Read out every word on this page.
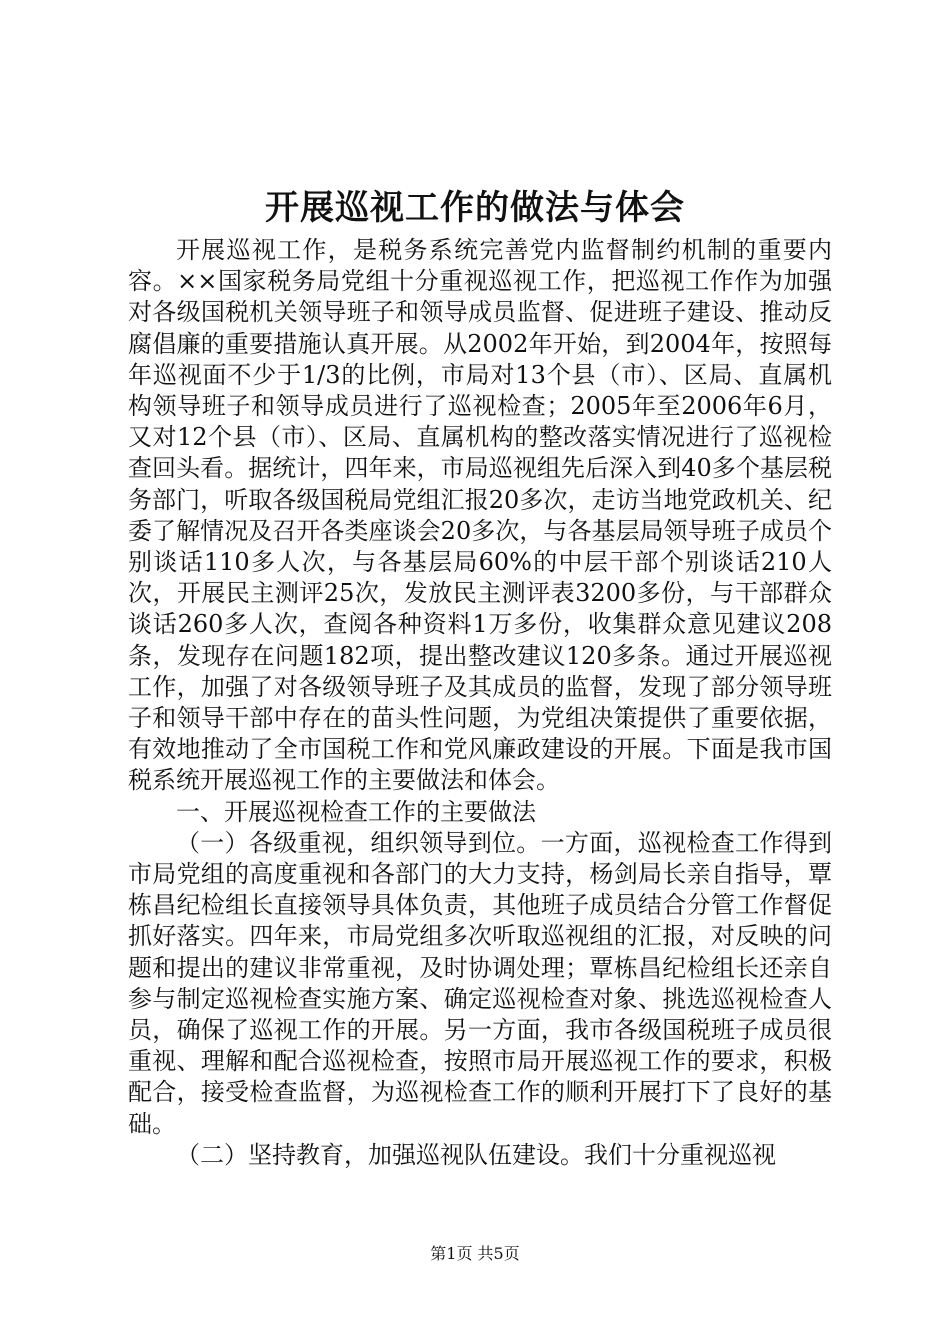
开展巡视工作的做法与体会

开展巡视工作，是税务系统完善党内监督制约机制的重要内容。××国家税务局党组十分重视巡视工作，把巡视工作作为加强对各级国税机关领导班子和领导成员监督、促进班子建设、推动反腐倡廉的重要措施认真开展。从2002年开始，到2004年，按照每年巡视面不少于1/3的比例，市局对13个县（市）、区局、直属机构领导班子和领导成员进行了巡视检查；2005年至2006年6月，又对12个县（市）、区局、直属机构的整改落实情况进行了巡视检查回头看。据统计，四年来，市局巡视组先后深入到40多个基层税务部门，听取各级国税局党组汇报20多次，走访当地党政机关、纪委了解情况及召开各类座谈会20多次，与各基层局领导班子成员个别谈话110多人次，与各基层局60%的中层干部个别谈话210人次，开展民主测评25次，发放民主测评表3200多份，与干部群众谈话260多人次，查阅各种资料1万多份，收集群众意见建议208条，发现存在问题182项，提出整改建议120多条。通过开展巡视工作，加强了对各级领导班子及其成员的监督，发现了部分领导班子和领导干部中存在的苗头性问题，为党组决策提供了重要依据，有效地推动了全市国税工作和党风廉政建设的开展。下面是我市国税系统开展巡视工作的主要做法和体会。

一、开展巡视检查工作的主要做法

（一）各级重视，组织领导到位。一方面，巡视检查工作得到市局党组的高度重视和各部门的大力支持，杨剑局长亲自指导，覃栋昌纪检组长直接领导具体负责，其他班子成员结合分管工作督促抓好落实。四年来，市局党组多次听取巡视组的汇报，对反映的问题和提出的建议非常重视，及时协调处理；覃栋昌纪检组长还亲自参与制定巡视检查实施方案、确定巡视检查对象、挑选巡视检查人员，确保了巡视工作的开展。另一方面，我市各级国税班子成员很重视、理解和配合巡视检查，按照市局开展巡视工作的要求，积极配合，接受检查监督，为巡视检查工作的顺利开展打下了良好的基础。

（二）坚持教育，加强巡视队伍建设。我们十分重视巡视

第1页 共5页
